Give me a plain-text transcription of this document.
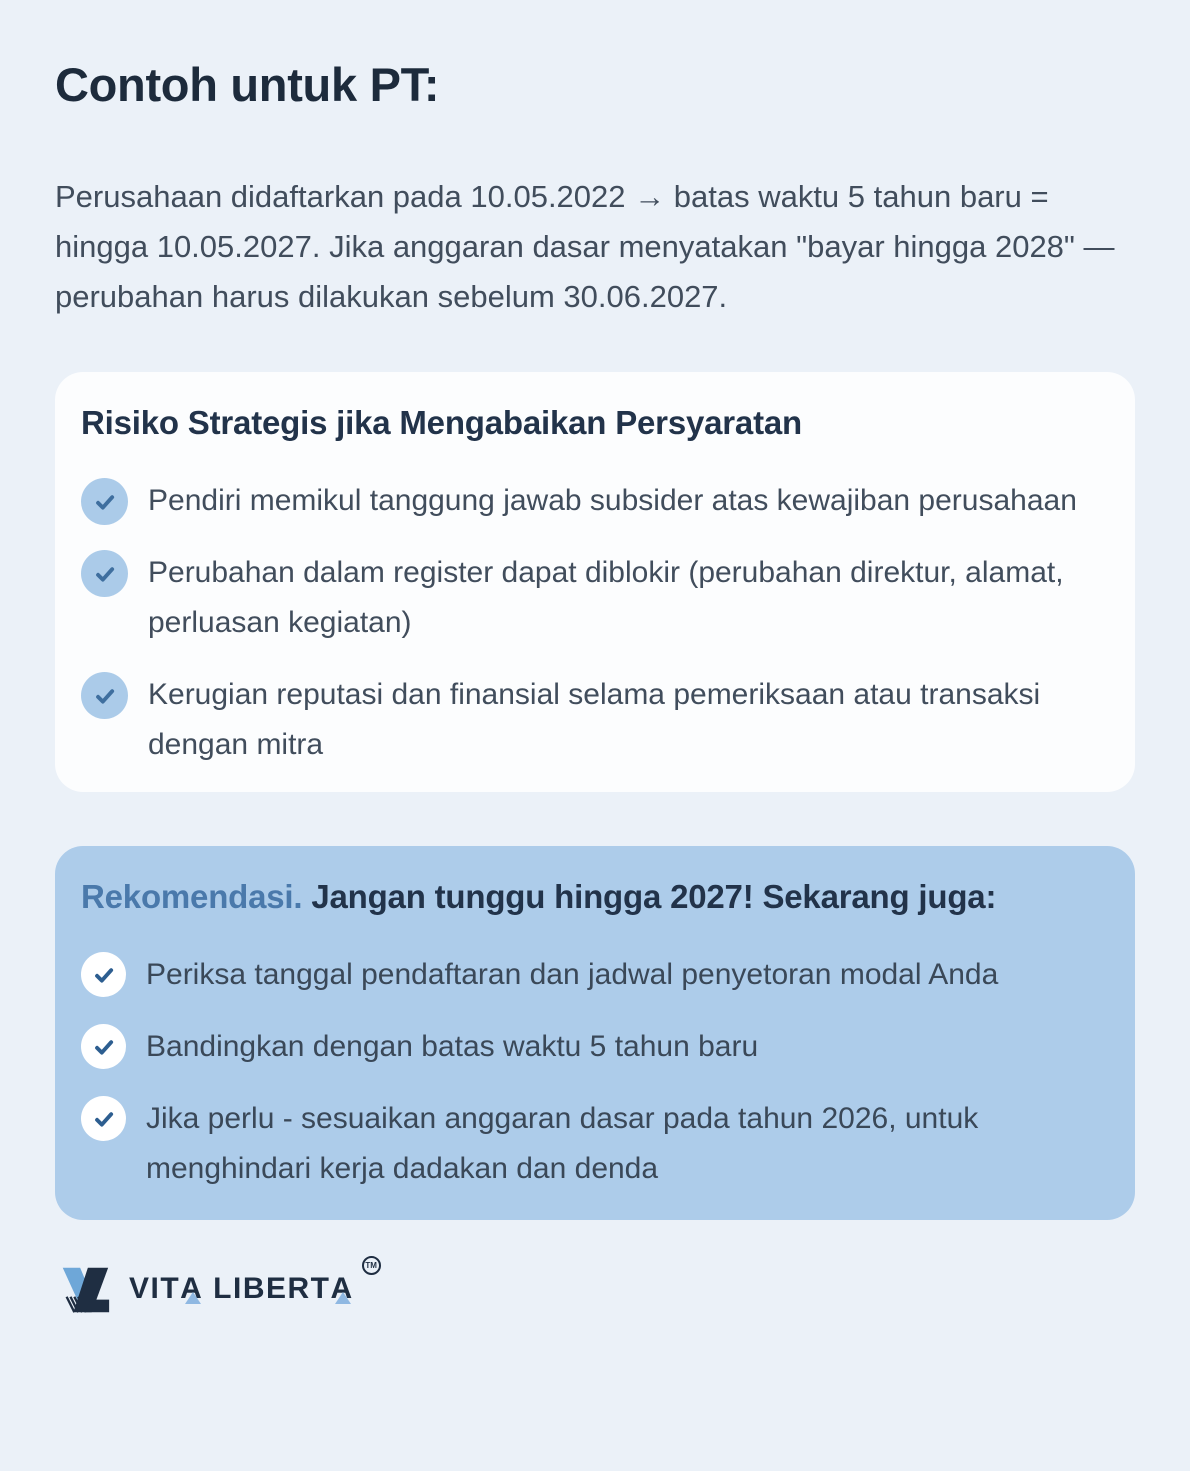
Contoh untuk PT:

Perusahaan didaftarkan pada 10.05.2022 → batas waktu 5 tahun baru = hingga 10.05.2027. Jika anggaran dasar menyatakan "bayar hingga 2028" — perubahan harus dilakukan sebelum 30.06.2027.

Risiko Strategis jika Mengabaikan Persyaratan
Pendiri memikul tanggung jawab subsider atas kewajiban perusahaan
Perubahan dalam register dapat diblokir (perubahan direktur, alamat, perluasan kegiatan)
Kerugian reputasi dan finansial selama pemeriksaan atau transaksi dengan mitra
Rekomendasi. Jangan tunggu hingga 2027! Sekarang juga:
Periksa tanggal pendaftaran dan jadwal penyetoran modal Anda
Bandingkan dengan batas waktu 5 tahun baru
Jika perlu - sesuaikan anggaran dasar pada tahun 2026, untuk menghindari kerja dadakan dan denda
VIT A LIBERT A
TM
